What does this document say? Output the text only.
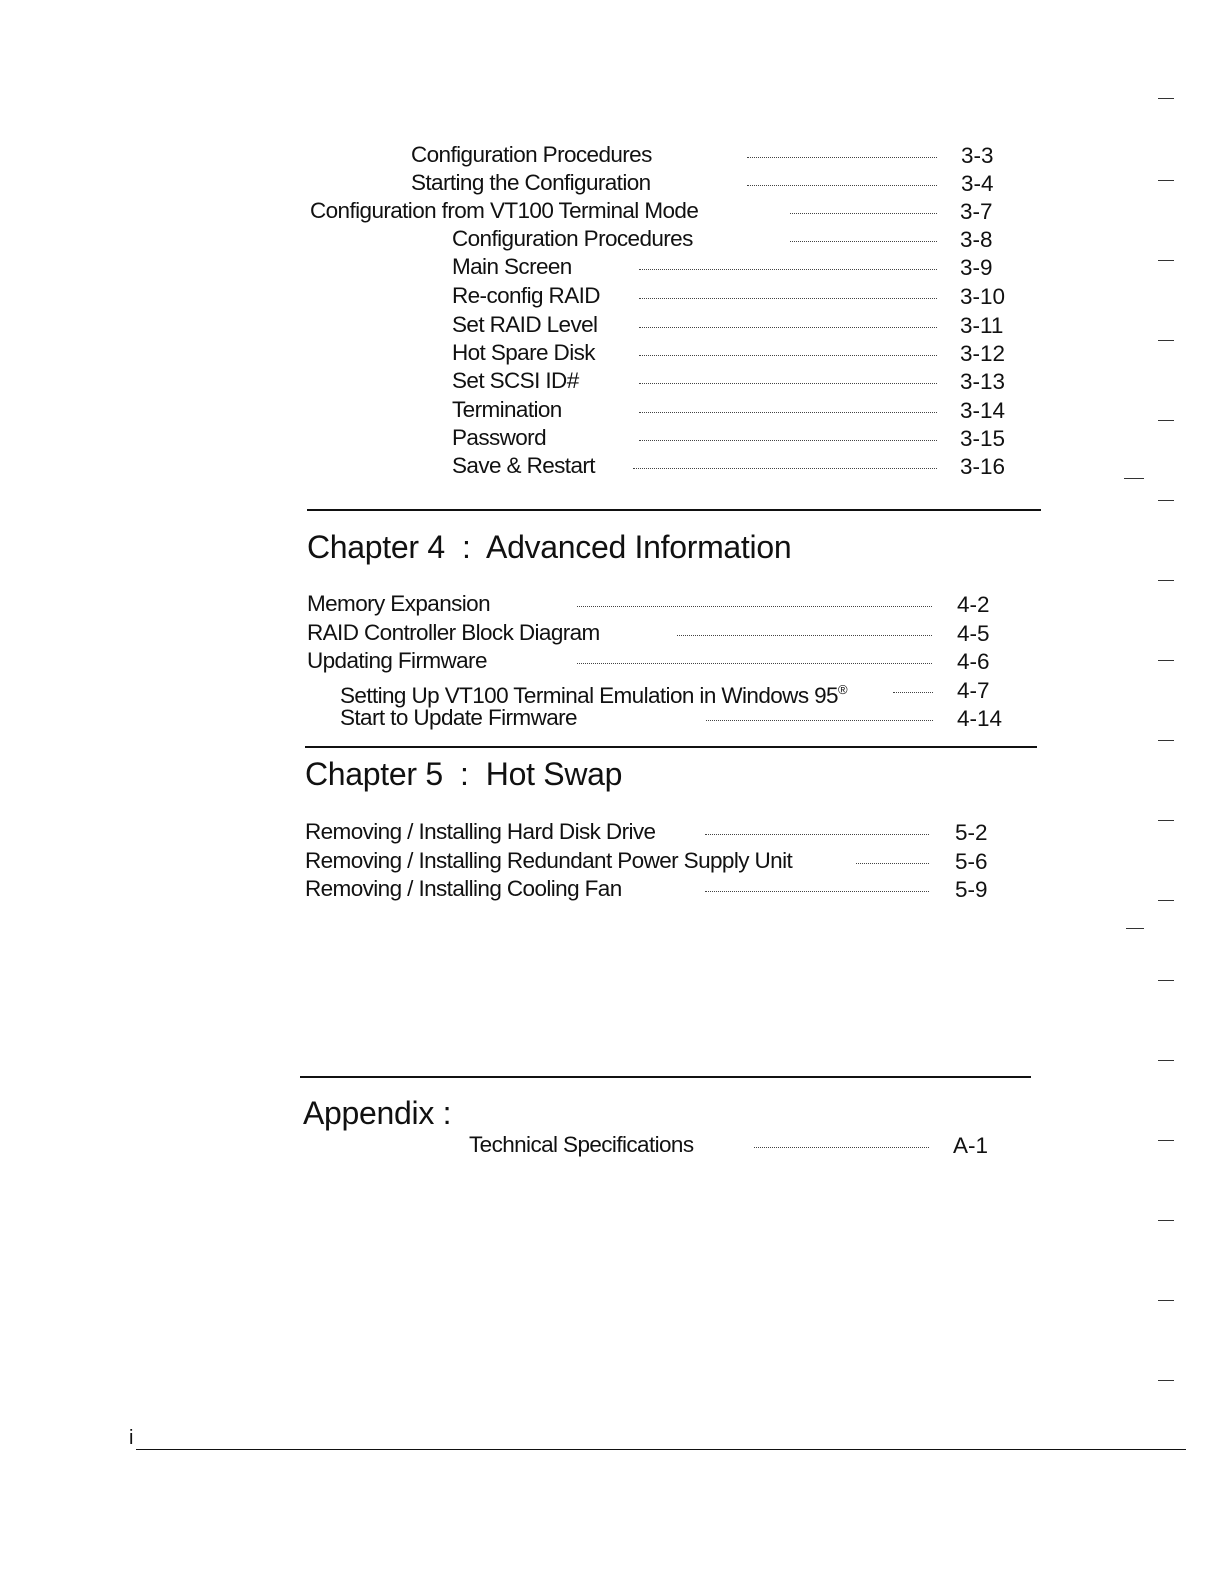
Configuration Procedures	3-3
Starting the Configuration	3-4
Configuration from VT100 Terminal Mode	3-7
Configuration Procedures	3-8
Main Screen	3-9
Re-config RAID	3-10
Set RAID Level	3-11
Hot Spare Disk	3-12
Set SCSI ID#	3-13
Termination	3-14
Password	3-15
Save & Restart	3-16
Chapter 4  :  Advanced Information
Memory Expansion	4-2
RAID Controller Block Diagram	4-5
Updating Firmware	4-6
Setting Up VT100 Terminal Emulation in Windows 95®	4-7
Start to Update Firmware	4-14
Chapter 5  :  Hot Swap
Removing / Installing Hard Disk Drive	5-2
Removing / Installing Redundant Power Supply Unit	5-6
Removing / Installing Cooling Fan	5-9
Appendix :
Technical Specifications	A-1
i
